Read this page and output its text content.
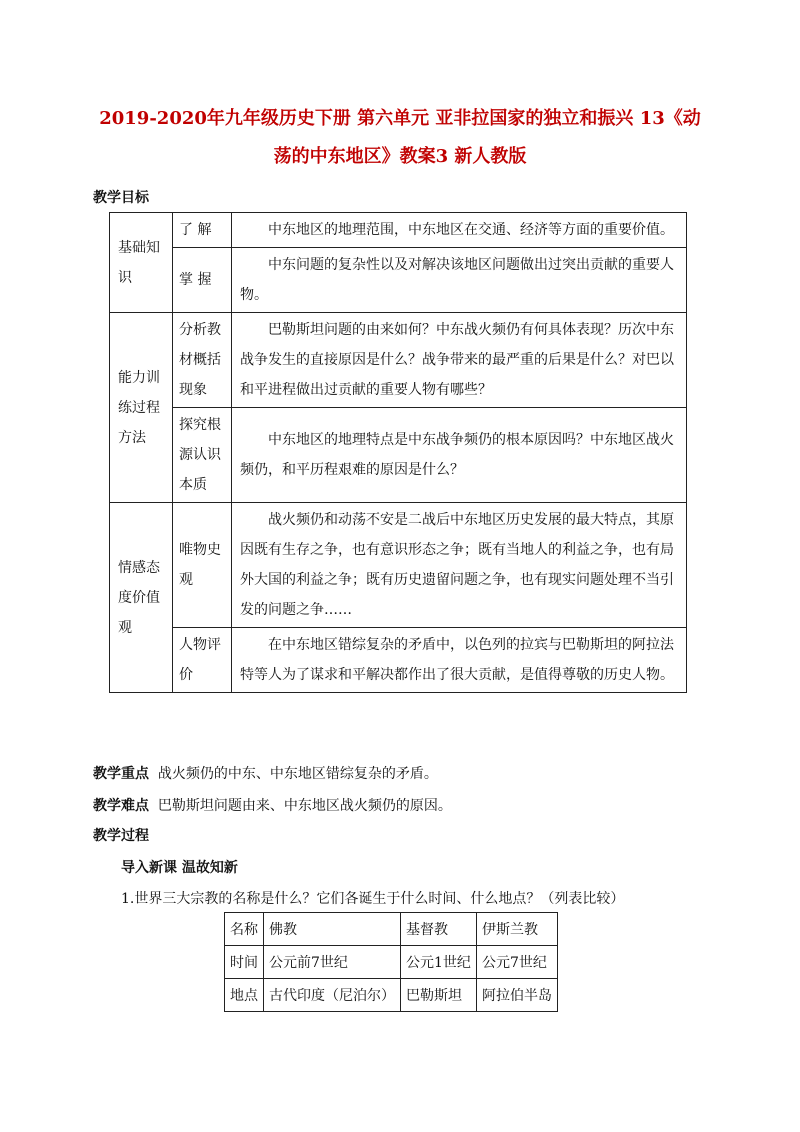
2019-2020年九年级历史下册 第六单元 亚非拉国家的独立和振兴 13《动
荡的中东地区》教案3 新人教版
教学目标
基础知识	了 解	中东地区的地理范围，中东地区在交通、经济等方面的重要价值。
	掌 握	中东问题的复杂性以及对解决该地区问题做出过突出贡献的重要人物。
能力训练过程方法	分析教材概括现象	巴勒斯坦问题的由来如何？中东战火频仍有何具体表现？历次中东战争发生的直接原因是什么？战争带来的最严重的后果是什么？对巴以和平进程做出过贡献的重要人物有哪些？
	探究根源认识本质	中东地区的地理特点是中东战争频仍的根本原因吗？中东地区战火频仍，和平历程艰难的原因是什么？
情感态度价值观	唯物史观	战火频仍和动荡不安是二战后中东地区历史发展的最大特点，其原因既有生存之争，也有意识形态之争；既有当地人的利益之争，也有局外大国的利益之争；既有历史遗留问题之争，也有现实问题处理不当引发的问题之争……
	人物评价	在中东地区错综复杂的矛盾中，以色列的拉宾与巴勒斯坦的阿拉法特等人为了谋求和平解决都作出了很大贡献，是值得尊敬的历史人物。
教学重点 战火频仍的中东、中东地区错综复杂的矛盾。
教学难点 巴勒斯坦问题由来、中东地区战火频仍的原因。
教学过程
导入新课 温故知新
1.世界三大宗教的名称是什么？它们各诞生于什么时间、什么地点？（列表比较）
名称	佛教	基督教	伊斯兰教
时间	公元前7世纪	公元1世纪	公元7世纪
地点	古代印度（尼泊尔）	巴勒斯坦	阿拉伯半岛
